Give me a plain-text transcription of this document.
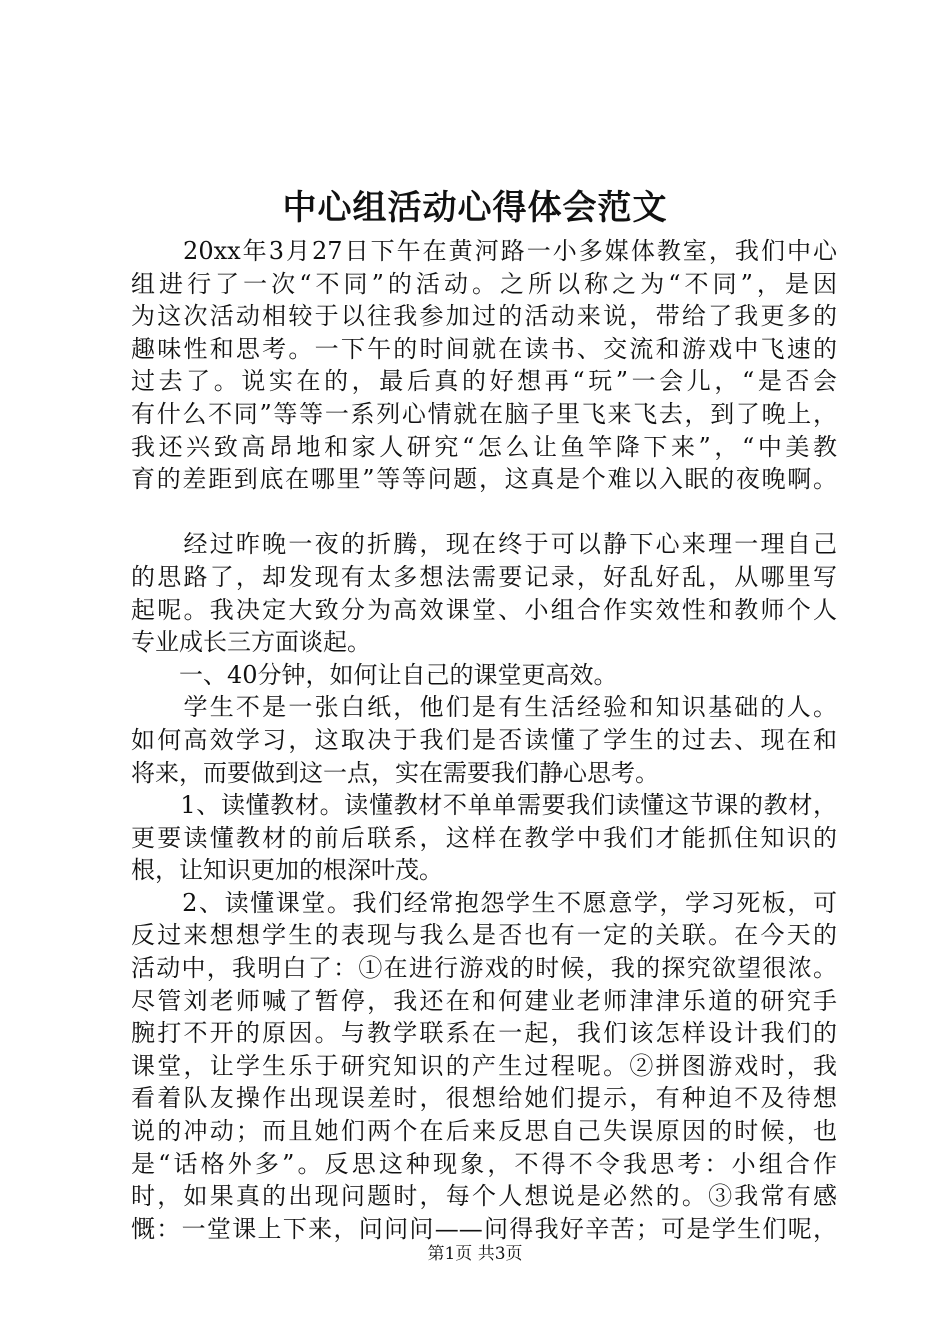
中心组活动心得体会范文
　　20xx年3月27日下午在黄河路一小多媒体教室，我们中心
组进行了一次“不同”的活动。之所以称之为“不同”，是因
为这次活动相较于以往我参加过的活动来说，带给了我更多的
趣味性和思考。一下午的时间就在读书、交流和游戏中飞速的
过去了。说实在的，最后真的好想再“玩”一会儿，“是否会
有什么不同”等等一系列心情就在脑子里飞来飞去，到了晚上，
我还兴致高昂地和家人研究“怎么让鱼竿降下来”，“中美教
育的差距到底在哪里”等等问题，这真是个难以入眠的夜晚啊。
　　经过昨晚一夜的折腾，现在终于可以静下心来理一理自己
的思路了，却发现有太多想法需要记录，好乱好乱，从哪里写
起呢。我决定大致分为高效课堂、小组合作实效性和教师个人
专业成长三方面谈起。
　　一、40分钟，如何让自己的课堂更高效。
　　学生不是一张白纸，他们是有生活经验和知识基础的人。
如何高效学习，这取决于我们是否读懂了学生的过去、现在和
将来，而要做到这一点，实在需要我们静心思考。
　　1、读懂教材。读懂教材不单单需要我们读懂这节课的教材，
更要读懂教材的前后联系，这样在教学中我们才能抓住知识的
根，让知识更加的根深叶茂。
　　2、读懂课堂。我们经常抱怨学生不愿意学，学习死板，可
反过来想想学生的表现与我么是否也有一定的关联。在今天的
活动中，我明白了：①在进行游戏的时候，我的探究欲望很浓。
尽管刘老师喊了暂停，我还在和何建业老师津津乐道的研究手
腕打不开的原因。与教学联系在一起，我们该怎样设计我们的
课堂，让学生乐于研究知识的产生过程呢。②拼图游戏时，我
看着队友操作出现误差时，很想给她们提示，有种迫不及待想
说的冲动；而且她们两个在后来反思自己失误原因的时候，也
是“话格外多”。反思这种现象，不得不令我思考：小组合作
时，如果真的出现问题时，每个人想说是必然的。③我常有感
慨：一堂课上下来，问问问——问得我好辛苦；可是学生们呢，
第1页 共3页
